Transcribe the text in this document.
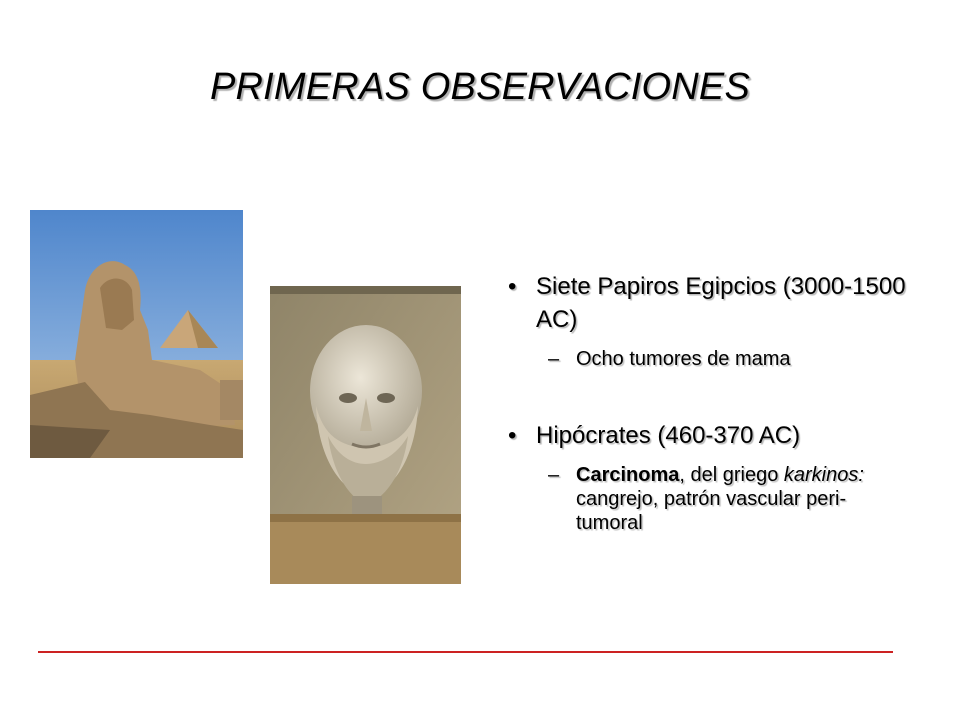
PRIMERAS OBSERVACIONES
• Siete Papiros Egipcios (3000-1500 AC)
– Ocho tumores de mama
• Hipócrates (460-370 AC)
– Carcinoma, del griego karkinos: cangrejo, patrón vascular peri-tumoral
